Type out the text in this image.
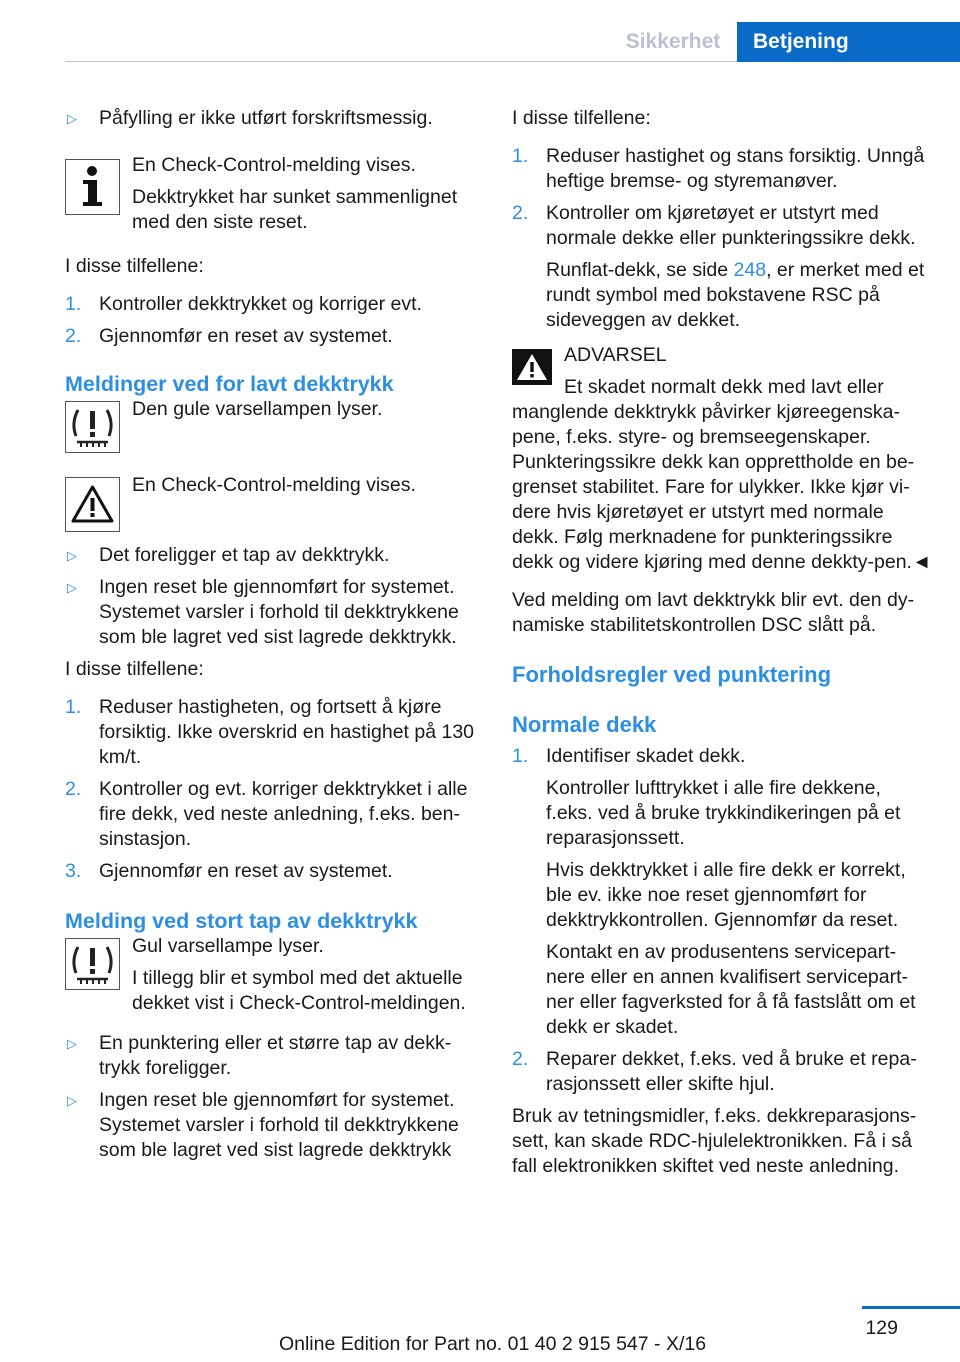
Sikkerhet	Betjening
▷ Påfylling er ikke utført forskriftsmessig.

En Check-Control-melding vises.

Dekktrykket har sunket sammenlignet med den siste reset.

I disse tilfellene:

1. Kontroller dekktrykket og korriger evt.

2. Gjennomfør en reset av systemet.

Meldinger ved for lavt dekktrykk

Den gule varsellampen lyser.

En Check-Control-melding vises.

▷ Det foreligger et tap av dekktrykk.

▷ Ingen reset ble gjennomført for systemet. Systemet varsler i forhold til dekktrykkene som ble lagret ved sist lagrede dekktrykk.

I disse tilfellene:

1. Reduser hastigheten, og fortsett å kjøre forsiktig. Ikke overskrid en hastighet på 130 km/t.

2. Kontroller og evt. korriger dekktrykket i alle fire dekk, ved neste anledning, f.eks. ben‐sinstasjon.

3. Gjennomfør en reset av systemet.

Melding ved stort tap av dekktrykk

Gul varsellampe lyser.

I tillegg blir et symbol med det aktuelle dekket vist i Check-Control-meldingen.

▷ En punktering eller et større tap av dekk‐trykk foreligger.

▷ Ingen reset ble gjennomført for systemet. Systemet varsler i forhold til dekktrykkene som ble lagret ved sist lagrede dekktrykk

I disse tilfellene:

1. Reduser hastighet og stans forsiktig. Unngå heftige bremse- og styremanøver.

2. Kontroller om kjøretøyet er utstyrt med normale dekke eller punkteringssikre dekk.

Runflat-dekk, se side 248, er merket med et rundt symbol med bokstavene RSC på sideveggen av dekket.

ADVARSEL

Et skadet normalt dekk med lavt eller

manglende dekktrykk påvirker kjøreegenska‐pene, f.eks. styre- og bremseegenskaper. Punkteringssikre dekk kan opprettholde en be‐grenset stabilitet. Fare for ulykker. Ikke kjør vi‐dere hvis kjøretøyet er utstyrt med normale dekk. Følg merknadene for punkteringssikre dekk og videre kjøring med denne dekkty‐pen.◄

Ved melding om lavt dekktrykk blir evt. den dy‐namiske stabilitetskontrollen DSC slått på.

Forholdsregler ved punktering

Normale dekk

1. Identifiser skadet dekk.

Kontroller lufttrykket i alle fire dekkene, f.eks. ved å bruke trykkindikeringen på et reparasjonssett.

Hvis dekktrykket i alle fire dekk er korrekt, ble ev. ikke noe reset gjennomført for dekktrykkontrollen. Gjennomfør da reset.

Kontakt en av produsentens servicepart‐nere eller en annen kvalifisert servicepart‐ner eller fagverksted for å få fastslått om et dekk er skadet.

2. Reparer dekket, f.eks. ved å bruke et repa‐rasjonssett eller skifte hjul.

Bruk av tetningsmidler, f.eks. dekkreparasjons‐sett, kan skade RDC-hjulelektronikken. Få i så fall elektronikken skiftet ved neste anledning.

129
Online Edition for Part no. 01 40 2 915 547 - X/16
